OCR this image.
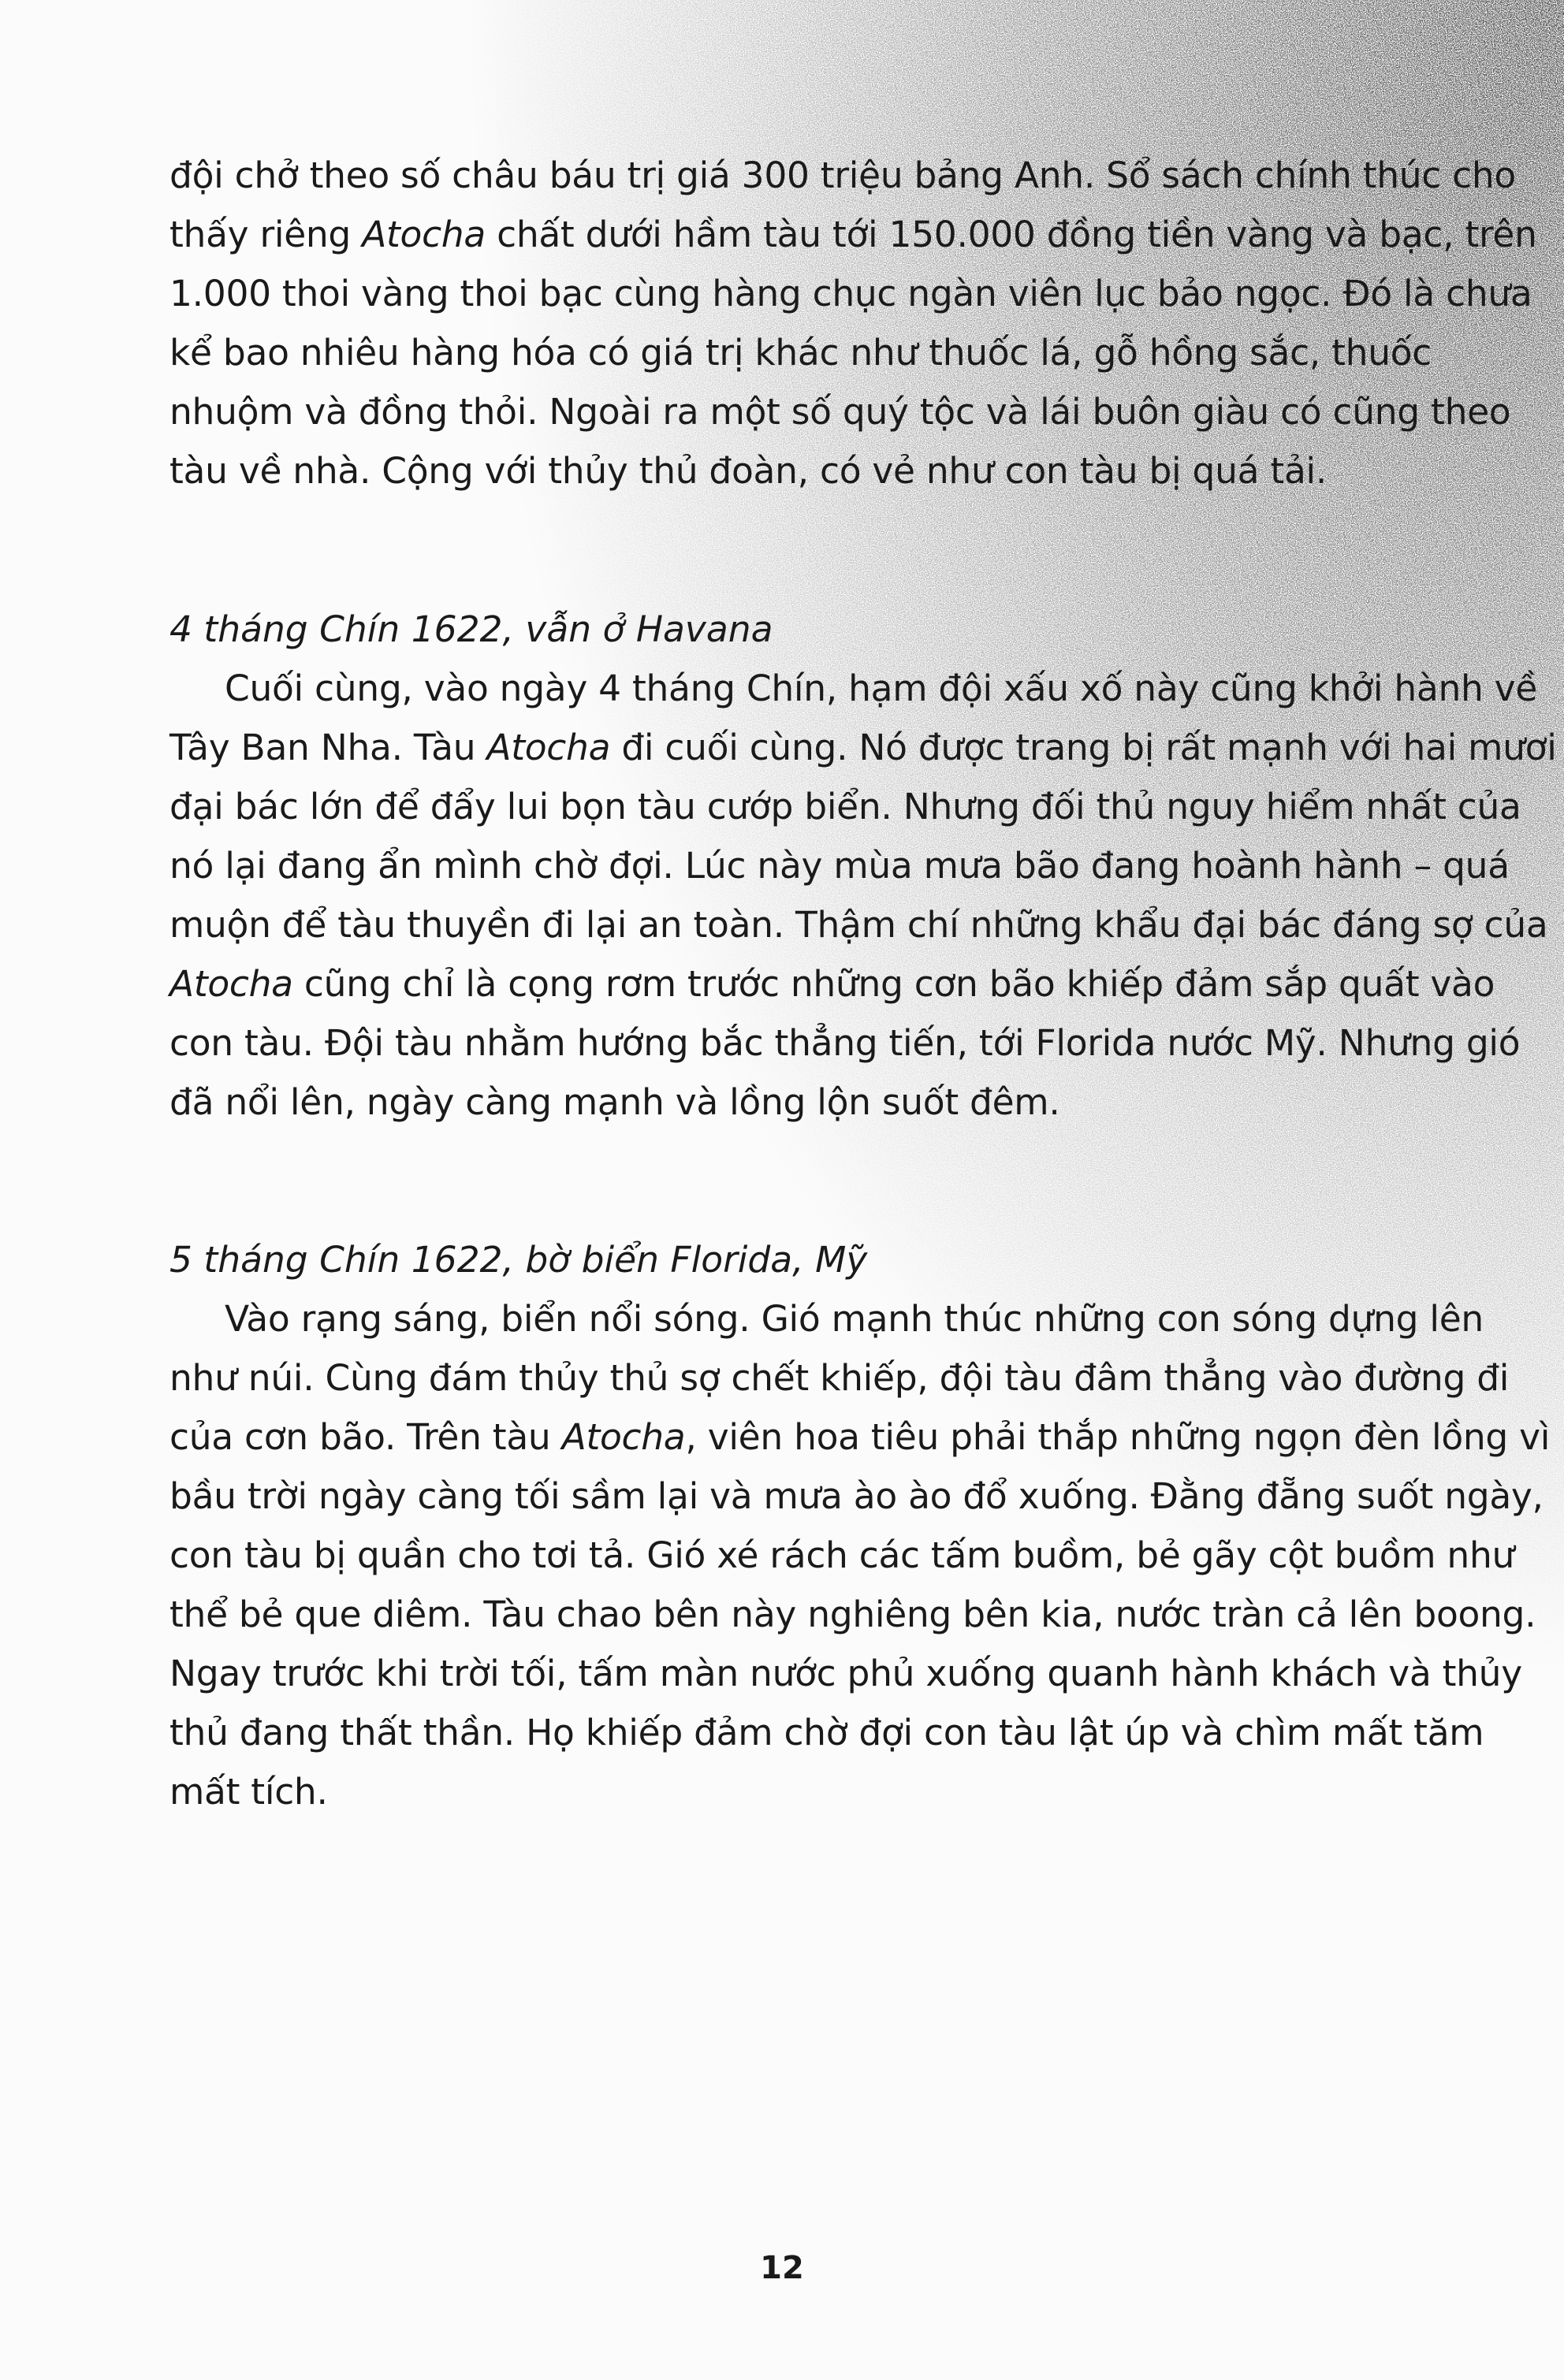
đội chở theo số châu báu trị giá 300 triệu bảng Anh. Sổ sách chính thúc cho thấy riêng Atocha chất dưới hầm tàu tới 150.000 đồng tiền vàng và bạc, trên 1.000 thoi vàng thoi bạc cùng hàng chục ngàn viên lục bảo ngọc. Đó là chưa kể bao nhiêu hàng hóa có giá trị khác như thuốc lá, gỗ hồng sắc, thuốc nhuộm và đồng thỏi. Ngoài ra một số quý tộc và lái buôn giàu có cũng theo tàu về nhà. Cộng với thủy thủ đoàn, có vẻ như con tàu bị quá tải.

4 tháng Chín 1622, vẫn ở Havana

Cuối cùng, vào ngày 4 tháng Chín, hạm đội xấu xố này cũng khởi hành về Tây Ban Nha. Tàu Atocha đi cuối cùng. Nó được trang bị rất mạnh với hai mươi đại bác lớn để đẩy lui bọn tàu cướp biển. Nhưng đối thủ nguy hiểm nhất của nó lại đang ẩn mình chờ đợi. Lúc này mùa mưa bão đang hoành hành – quá muộn để tàu thuyền đi lại an toàn. Thậm chí những khẩu đại bác đáng sợ của Atocha cũng chỉ là cọng rơm trước những cơn bão khiếp đảm sắp quất vào con tàu. Đội tàu nhằm hướng bắc thẳng tiến, tới Florida nước Mỹ. Nhưng gió đã nổi lên, ngày càng mạnh và lồng lộn suốt đêm.

5 tháng Chín 1622, bờ biển Florida, Mỹ

Vào rạng sáng, biển nổi sóng. Gió mạnh thúc những con sóng dựng lên như núi. Cùng đám thủy thủ sợ chết khiếp, đội tàu đâm thẳng vào đường đi của cơn bão. Trên tàu Atocha, viên hoa tiêu phải thắp những ngọn đèn lồng vì bầu trời ngày càng tối sầm lại và mưa ào ào đổ xuống. Đằng đẵng suốt ngày, con tàu bị quần cho tơi tả. Gió xé rách các tấm buồm, bẻ gãy cột buồm như thể bẻ que diêm. Tàu chao bên này nghiêng bên kia, nước tràn cả lên boong. Ngay trước khi trời tối, tấm màn nước phủ xuống quanh hành khách và thủy thủ đang thất thần. Họ khiếp đảm chờ đợi con tàu lật úp và chìm mất tăm mất tích.

12
